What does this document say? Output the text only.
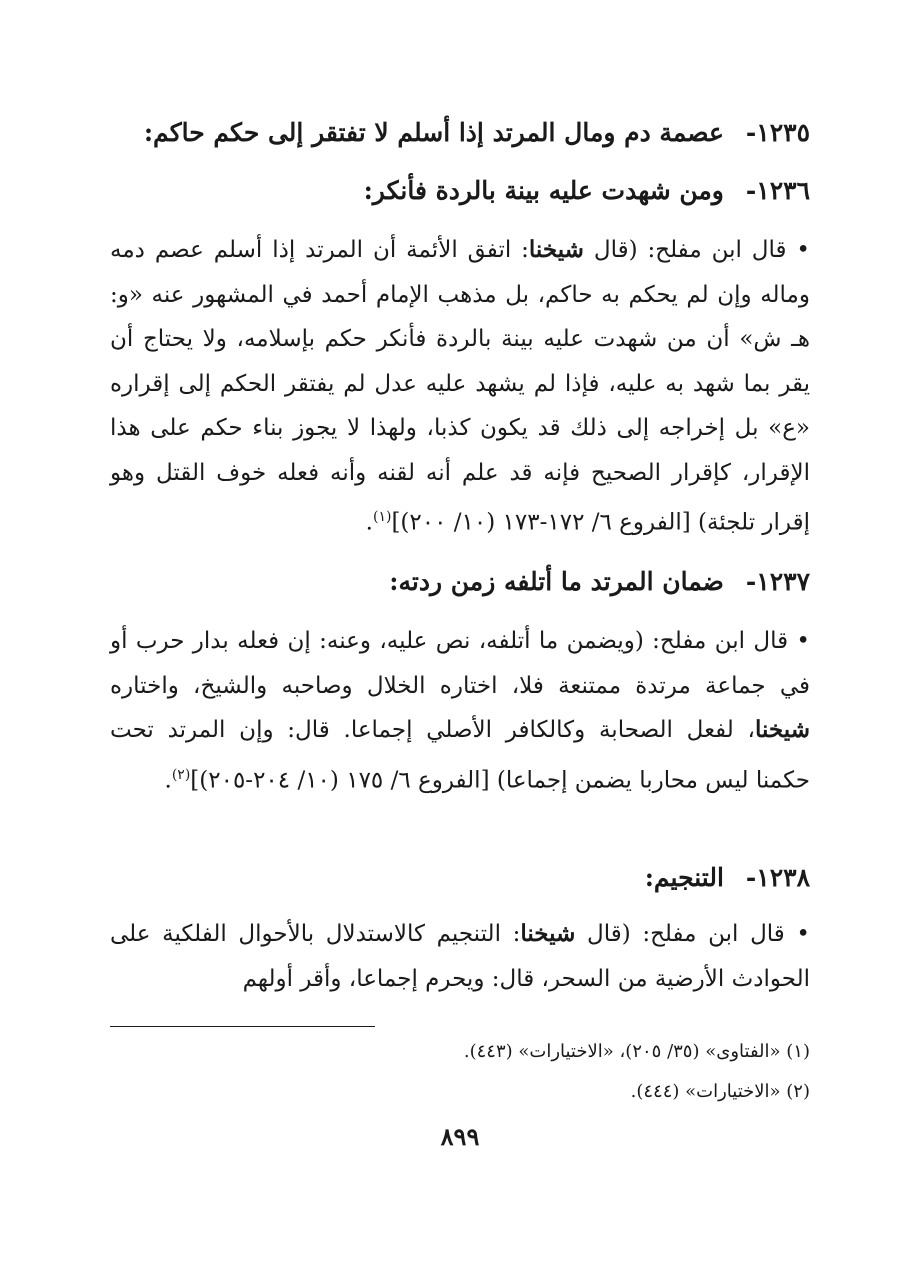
١٢٣٥-عصمة دم ومال المرتد إذا أسلم لا تفتقر إلى حكم حاكم:
١٢٣٦-ومن شهدت عليه بينة بالردة فأنكر:
• قال ابن مفلح: (قال شيخنا: اتفق الأئمة أن المرتد إذا أسلم عصم دمه وماله وإن لم يحكم به حاكم، بل مذهب الإمام أحمد في المشهور عنه «و: هـ ش» أن من شهدت عليه بينة بالردة فأنكر حكم بإسلامه، ولا يحتاج أن يقر بما شهد به عليه، فإذا لم يشهد عليه عدل لم يفتقر الحكم إلى إقراره «ع» بل إخراجه إلى ذلك قد يكون كذبا، ولهذا لا يجوز بناء حكم على هذا الإقرار، كإقرار الصحيح فإنه قد علم أنه لقنه وأنه فعله خوف القتل وهو إقرار تلجئة) [الفروع ٦/ ١٧٢-١٧٣ (١٠/ ٢٠٠)]$^{(١)}$.
١٢٣٧-ضمان المرتد ما أتلفه زمن ردته:
• قال ابن مفلح: (ويضمن ما أتلفه، نص عليه، وعنه: إن فعله بدار حرب أو في جماعة مرتدة ممتنعة فلا، اختاره الخلال وصاحبه والشيخ، واختاره شيخنا، لفعل الصحابة وكالكافر الأصلي إجماعا. قال: وإن المرتد تحت حكمنا ليس محاربا يضمن إجماعا) [الفروع ٦/ ١٧٥ (١٠/ ٢٠٤-٢٠٥)]$^{(٢)}$.
١٢٣٨-التنجيم:
• قال ابن مفلح: (قال شيخنا: التنجيم كالاستدلال بالأحوال الفلكية على الحوادث الأرضية من السحر، قال: ويحرم إجماعا، وأقر أولهم
(١) «الفتاوى» (٣٥/ ٢٠٥)، «الاختيارات» (٤٤٣).
(٢) «الاختيارات» (٤٤٤).
٨٩٩
